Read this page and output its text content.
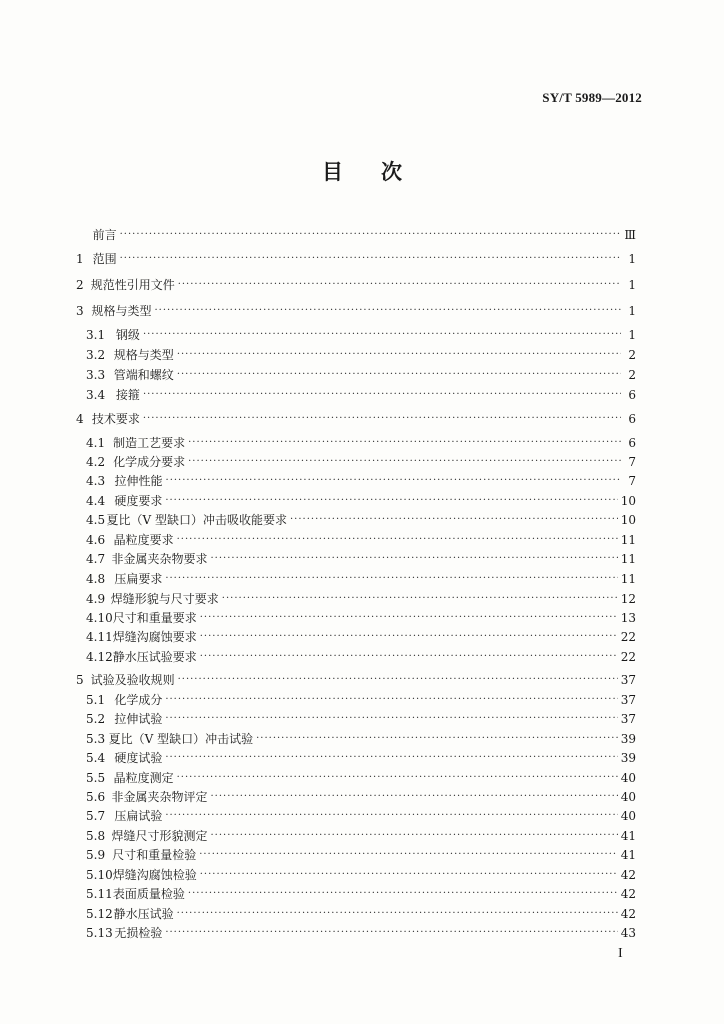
SY/T 5989—2012
目 次
前言 ·····	Ⅲ
1 范围 ·····	1
2 规范性引用文件 ·····	1
3 规格与类型 ·····	1
3.1 钢级 ·····	1
3.2 规格与类型 ·····	2
3.3 管端和螺纹 ·····	2
3.4 接箍 ·····	6
4 技术要求 ·····	6
4.1 制造工艺要求 ·····	6
4.2 化学成分要求 ·····	7
4.3 拉伸性能 ·····	7
4.4 硬度要求 ·····	10
4.5 夏比（V 型缺口）冲击吸收能要求 ·····	10
4.6 晶粒度要求 ·····	11
4.7 非金属夹杂物要求 ·····	11
4.8 压扁要求 ·····	11
4.9 焊缝形貌与尺寸要求 ·····	12
4.10 尺寸和重量要求 ·····	13
4.11 焊缝沟腐蚀要求 ·····	22
4.12 静水压试验要求 ·····	22
5 试验及验收规则 ·····	37
5.1 化学成分 ·····	37
5.2 拉伸试验 ·····	37
5.3 夏比（V 型缺口）冲击试验 ·····	39
5.4 硬度试验 ·····	39
5.5 晶粒度测定 ·····	40
5.6 非金属夹杂物评定 ·····	40
5.7 压扁试验 ·····	40
5.8 焊缝尺寸形貌测定 ·····	41
5.9 尺寸和重量检验 ·····	41
5.10 焊缝沟腐蚀检验 ·····	42
5.11 表面质量检验 ·····	42
5.12 静水压试验 ·····	42
5.13 无损检验 ·····	43
I
